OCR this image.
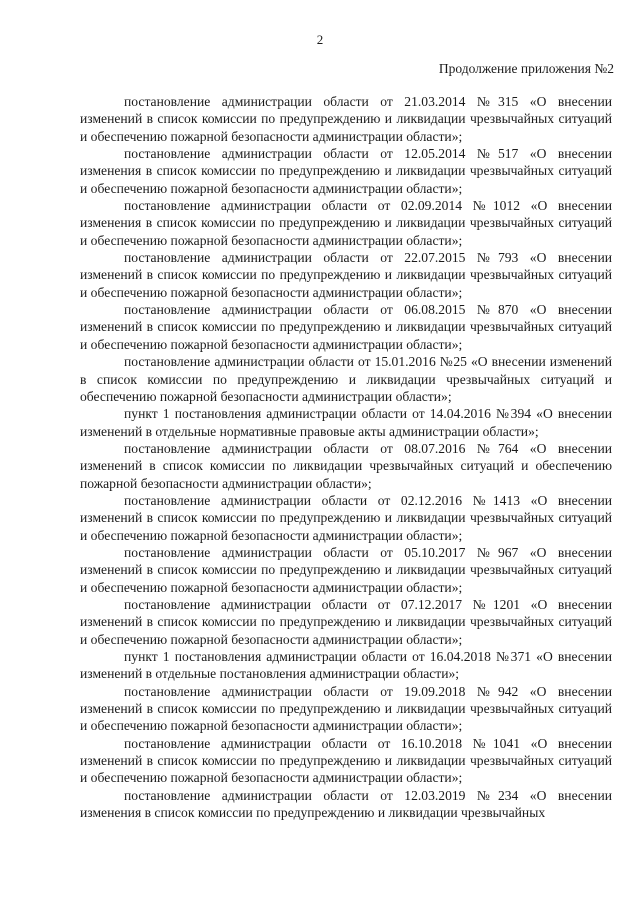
2
Продолжение приложения №2

постановление администрации области от 21.03.2014 №315 «О внесении изменений в список комиссии по предупреждению и ликвидации чрезвычайных ситуаций и обеспечению пожарной безопасности администрации области»;

постановление администрации области от 12.05.2014 №517 «О внесении изменения в список комиссии по предупреждению и ликвидации чрезвычайных ситуаций и обеспечению пожарной безопасности администрации области»;

постановление администрации области от 02.09.2014 №1012 «О внесении изменения в список комиссии по предупреждению и ликвидации чрезвычайных ситуаций и обеспечению пожарной безопасности администрации области»;

постановление администрации области от 22.07.2015 №793 «О внесении изменений в список комиссии по предупреждению и ликвидации чрезвычайных ситуаций и обеспечению пожарной безопасности администрации области»;

постановление администрации области от 06.08.2015 №870 «О внесении изменений в список комиссии по предупреждению и ликвидации чрезвычайных ситуаций и обеспечению пожарной безопасности администрации области»;

постановление администрации области от 15.01.2016 №25 «О внесении изменений в список комиссии по предупреждению и ликвидации чрезвычайных ситуаций и обеспечению пожарной безопасности администрации области»;

пункт 1 постановления администрации области от 14.04.2016 №394 «О внесении изменений в отдельные нормативные правовые акты администрации области»;

постановление администрации области от 08.07.2016 №764 «О внесении изменений в список комиссии по ликвидации чрезвычайных ситуаций и обеспечению пожарной безопасности администрации области»;

постановление администрации области от 02.12.2016 №1413 «О внесении изменений в список комиссии по предупреждению и ликвидации чрезвычайных ситуаций и обеспечению пожарной безопасности администрации области»;

постановление администрации области от 05.10.2017 №967 «О внесении изменений в список комиссии по предупреждению и ликвидации чрезвычайных ситуаций и обеспечению пожарной безопасности администрации области»;

постановление администрации области от 07.12.2017 №1201 «О внесении изменений в список комиссии по предупреждению и ликвидации чрезвычайных ситуаций и обеспечению пожарной безопасности администрации области»;

пункт 1 постановления администрации области от 16.04.2018 №371 «О внесении изменений в отдельные постановления администрации области»;

постановление администрации области от 19.09.2018 №942 «О внесении изменений в список комиссии по предупреждению и ликвидации чрезвычайных ситуаций и обеспечению пожарной безопасности администрации области»;

постановление администрации области от 16.10.2018 №1041 «О внесении изменений в список комиссии по предупреждению и ликвидации чрезвычайных ситуаций и обеспечению пожарной безопасности администрации области»;

постановление администрации области от 12.03.2019 №234 «О внесении изменения в список комиссии по предупреждению и ликвидации чрезвычайных
